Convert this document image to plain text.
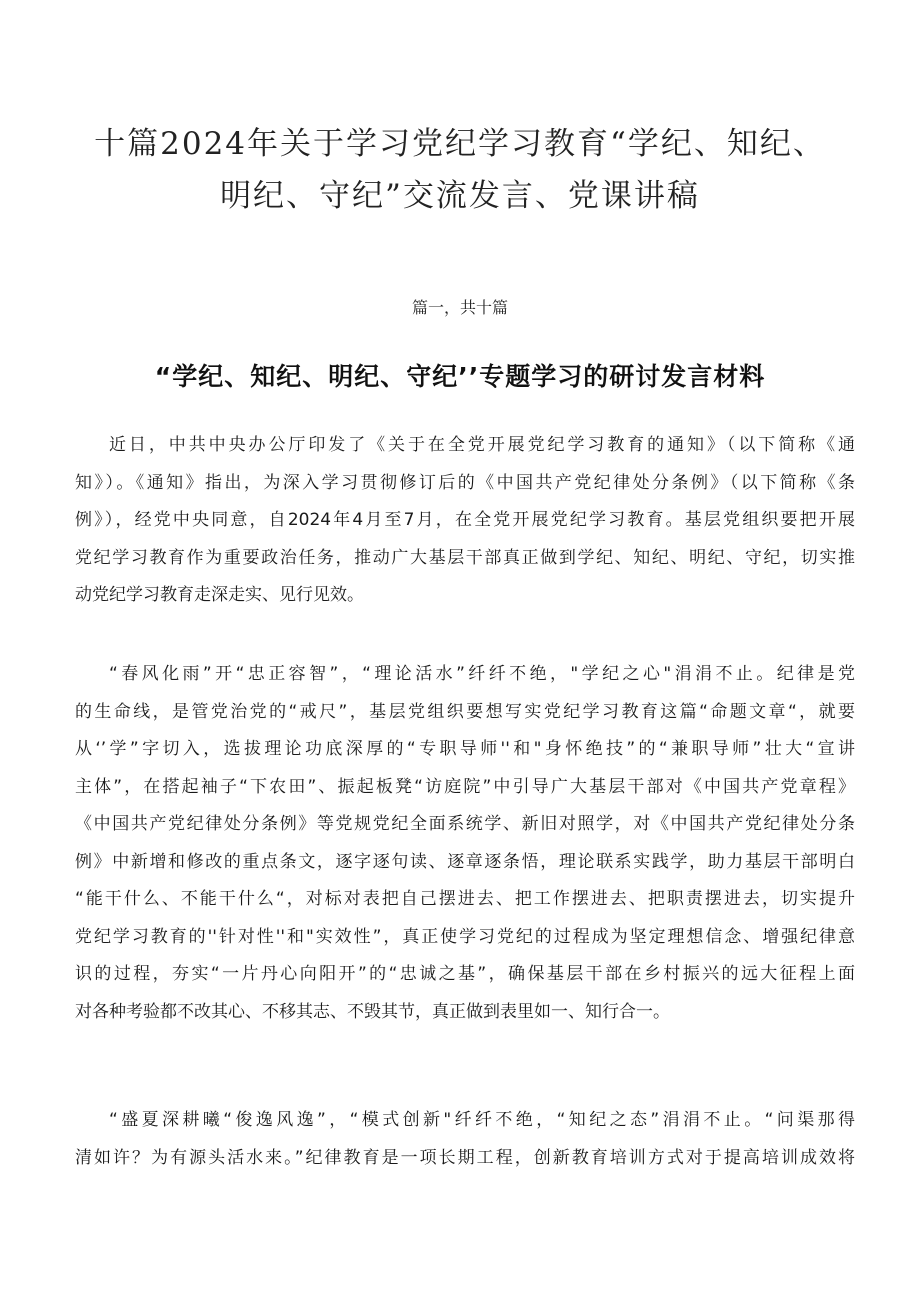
十篇2024年关于学习党纪学习教育“学纪、知纪、
明纪、守纪”交流发言、党课讲稿
篇一，共十篇
“学纪、知纪、明纪、守纪’’专题学习的研讨发言材料

近日，中共中央办公厅印发了《关于在全党开展党纪学习教育的通知》（以下简称《通
知》）。《通知》指出，为深入学习贯彻修订后的《中国共产党纪律处分条例》（以下简称《条
例》），经党中央同意，自2024年4月至7月，在全党开展党纪学习教育。基层党组织要把开展
党纪学习教育作为重要政治任务，推动广大基层干部真正做到学纪、知纪、明纪、守纪，切实推
动党纪学习教育走深走实、见行见效。

“春风化雨”开“忠正容智”，“理论活水”纤纤不绝，"学纪之心"涓涓不止。纪律是党
的生命线，是管党治党的“戒尺”，基层党组织要想写实党纪学习教育这篇“命题文章“，就要
从‘’学”字切入，选拔理论功底深厚的“专职导师''和"身怀绝技”的“兼职导师”壮大“宣讲
主体”，在搭起袖子“下农田”、振起板凳“访庭院”中引导广大基层干部对《中国共产党章程》
《中国共产党纪律处分条例》等党规党纪全面系统学、新旧对照学，对《中国共产党纪律处分条
例》中新增和修改的重点条文，逐字逐句读、逐章逐条悟，理论联系实践学，助力基层干部明白
“能干什么、不能干什么“，对标对表把自己摆进去、把工作摆进去、把职责摆进去，切实提升
党纪学习教育的''针对性''和"实效性”，真正使学习党纪的过程成为坚定理想信念、增强纪律意
识的过程，夯实“一片丹心向阳开”的“忠诚之基”，确保基层干部在乡村振兴的远大征程上面
对各种考验都不改其心、不移其志、不毁其节，真正做到表里如一、知行合一。

“盛夏深耕曦“俊逸风逸”，“模式创新"纤纤不绝，“知纪之态”涓涓不止。“问渠那得
清如许？为有源头活水来。”纪律教育是一项长期工程，创新教育培训方式对于提高培训成效将
